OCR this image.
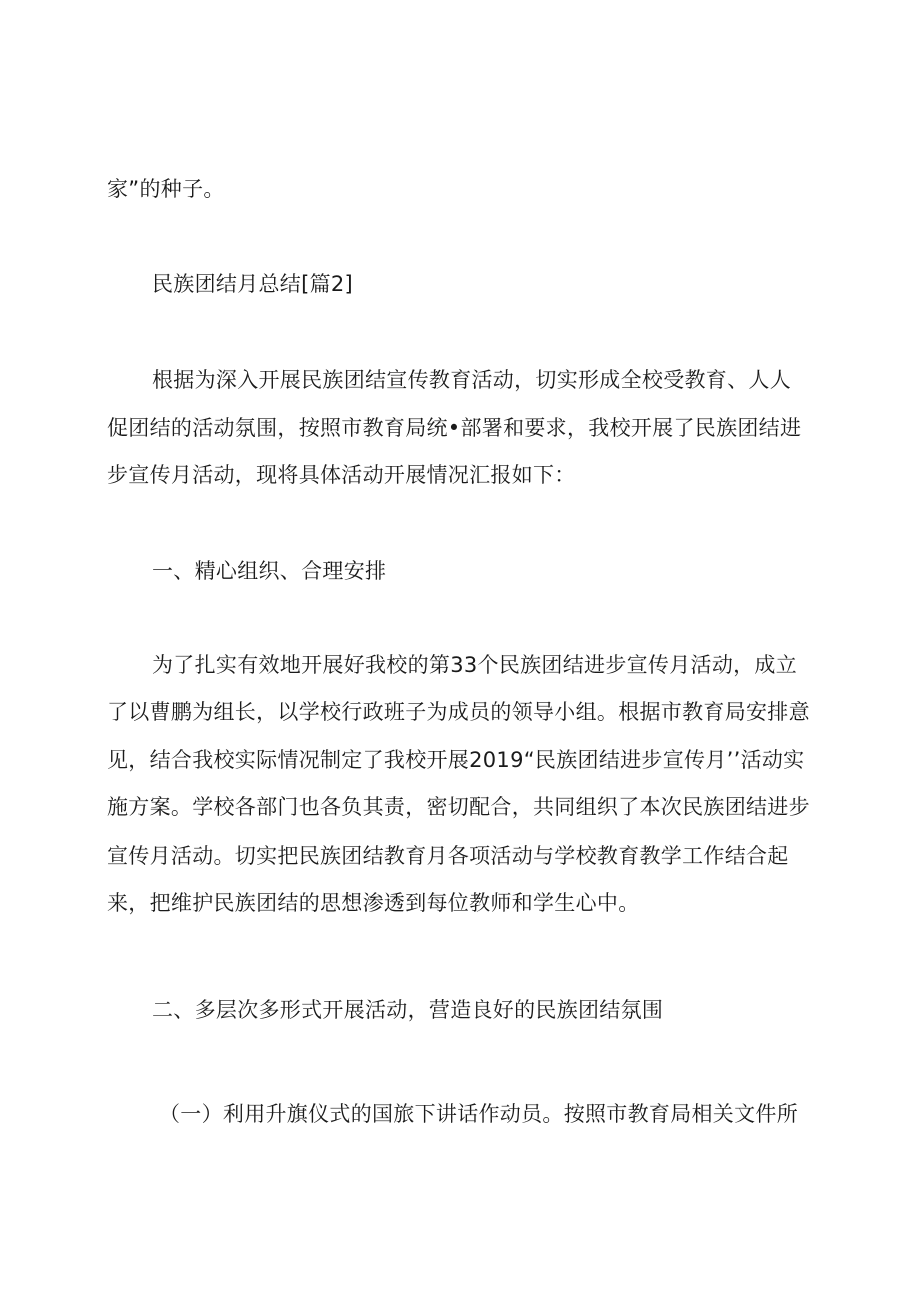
家”的种子。
民族团结月总结[篇2]
根据为深入开展民族团结宣传教育活动，切实形成全校受教育、人人
促团结的活动氛围，按照市教育局统•部署和要求，我校开展了民族团结进
步宣传月活动，现将具体活动开展情况汇报如下：
一、精心组织、合理安排
为了扎实有效地开展好我校的第33个民族团结进步宣传月活动，成立
了以曹鹏为组长，以学校行政班子为成员的领导小组。根据市教育局安排意
见，结合我校实际情况制定了我校开展2019“民族团结进步宣传月’’活动实
施方案。学校各部门也各负其责，密切配合，共同组织了本次民族团结进步
宣传月活动。切实把民族团结教育月各项活动与学校教育教学工作结合起
来，把维护民族团结的思想渗透到每位教师和学生心中。
二、多层次多形式开展活动，营造良好的民族团结氛围
（一）利用升旗仪式的国旅下讲话作动员。按照市教育局相关文件所
